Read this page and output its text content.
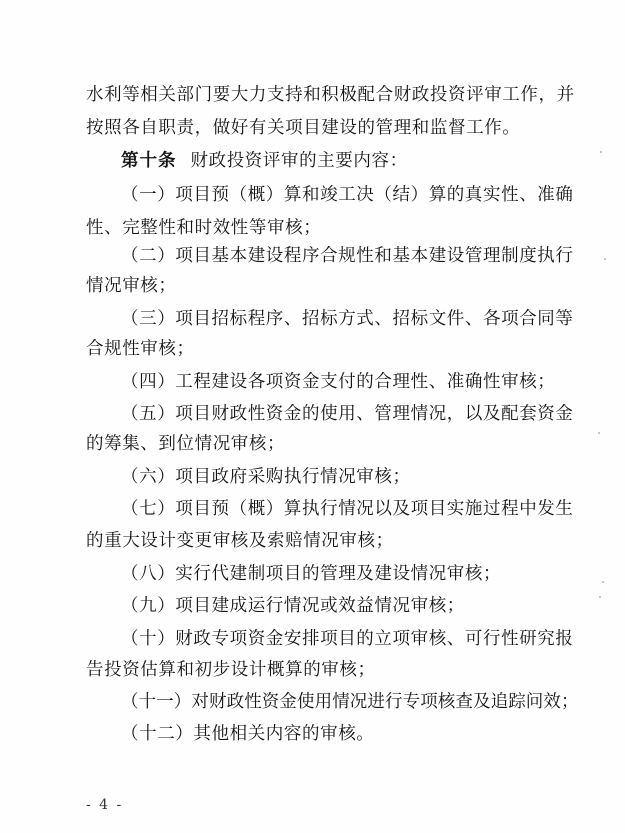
水利等相关部门要大力支持和积极配合财政投资评审工作，并
按照各自职责，做好有关项目建设的管理和监督工作。
第十条 财政投资评审的主要内容：
（一）项目预（概）算和竣工决（结）算的真实性、准确
性、完整性和时效性等审核；
（二）项目基本建设程序合规性和基本建设管理制度执行
情况审核；
（三）项目招标程序、招标方式、招标文件、各项合同等
合规性审核；
（四）工程建设各项资金支付的合理性、准确性审核；
（五）项目财政性资金的使用、管理情况，以及配套资金
的筹集、到位情况审核；
（六）项目政府采购执行情况审核；
（七）项目预（概）算执行情况以及项目实施过程中发生
的重大设计变更审核及索赔情况审核；
（八）实行代建制项目的管理及建设情况审核；
（九）项目建成运行情况或效益情况审核；
（十）财政专项资金安排项目的立项审核、可行性研究报
告投资估算和初步设计概算的审核；
（十一）对财政性资金使用情况进行专项核查及追踪问效；
（十二）其他相关内容的审核。
- 4 -
